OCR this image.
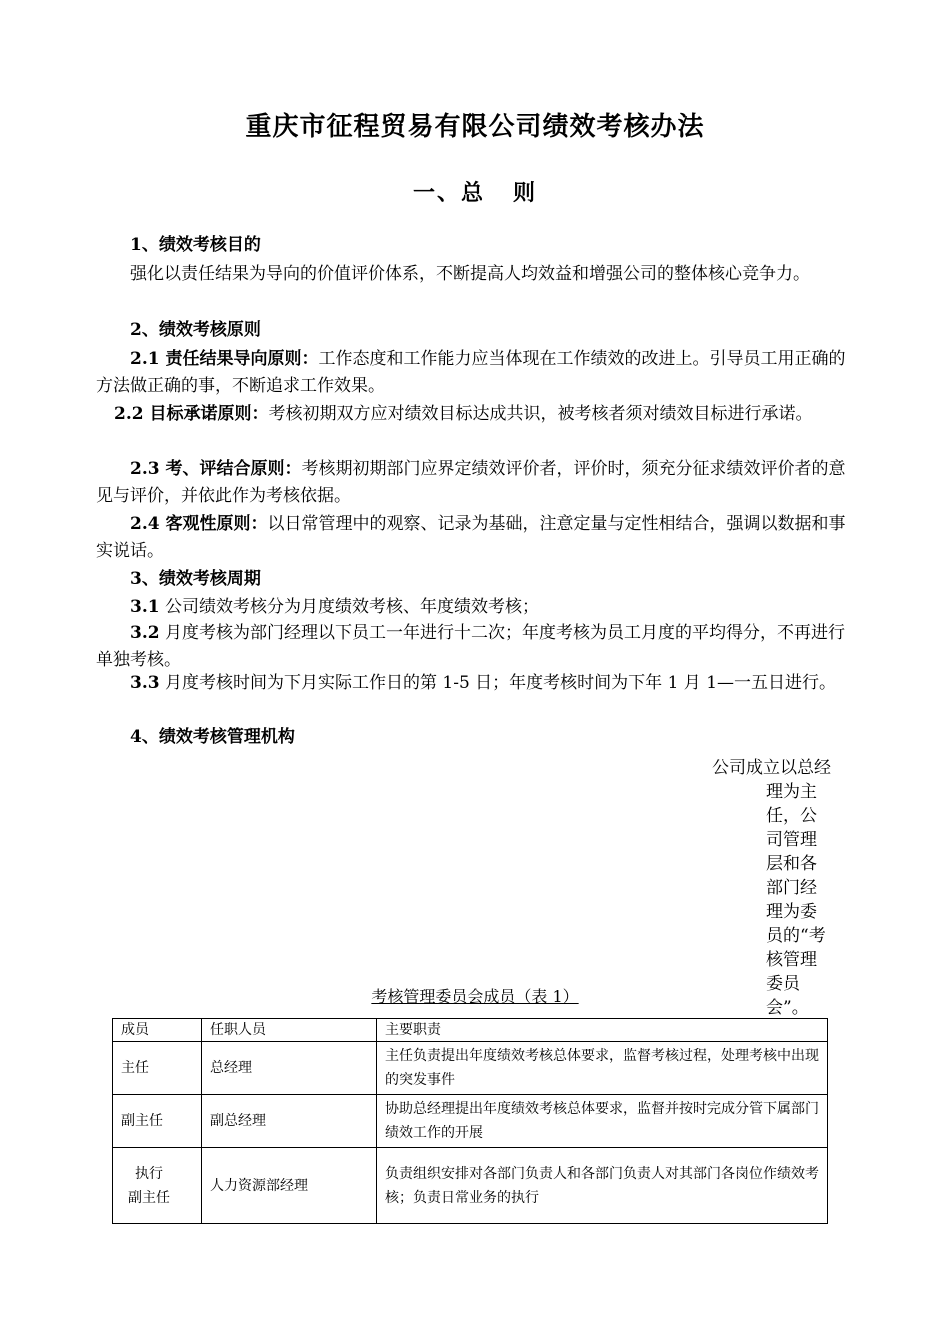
重庆市征程贸易有限公司绩效考核办法
一、总 则
1、绩效考核目的
强化以责任结果为导向的价值评价体系，不断提高人均效益和增强公司的整体核心竞争力。
2、绩效考核原则
2.1 责任结果导向原则：工作态度和工作能力应当体现在工作绩效的改进上。引导员工用正确的方法做正确的事，不断追求工作效果。
2.2 目标承诺原则：考核初期双方应对绩效目标达成共识，被考核者须对绩效目标进行承诺。
2.3 考、评结合原则：考核期初期部门应界定绩效评价者，评价时，须充分征求绩效评价者的意见与评价，并依此作为考核依据。
2.4 客观性原则：以日常管理中的观察、记录为基础，注意定量与定性相结合，强调以数据和事实说话。
3、绩效考核周期
3.1 公司绩效考核分为月度绩效考核、年度绩效考核；
3.2 月度考核为部门经理以下员工一年进行十二次；年度考核为员工月度的平均得分，不再进行单独考核。
3.3 月度考核时间为下月实际工作日的第 1-5 日；年度考核时间为下年 1 月 1—一五日进行。
4、绩效考核管理机构
公司成立以总经
理为主任，公司管理层和各部门经理为委员的“考核管理委员会”。
考核管理委员会成员（表 1）
成员	任职人员	主要职责
主任	总经理	主任负责提出年度绩效考核总体要求，监督考核过程，处理考核中出现的突发事件
副主任	副总经理	协助总经理提出年度绩效考核总体要求，监督并按时完成分管下属部门绩效工作的开展

执行
副主任	人力资源部经理	负责组织安排对各部门负责人和各部门负责人对其部门各岗位作绩效考核；负责日常业务的执行
